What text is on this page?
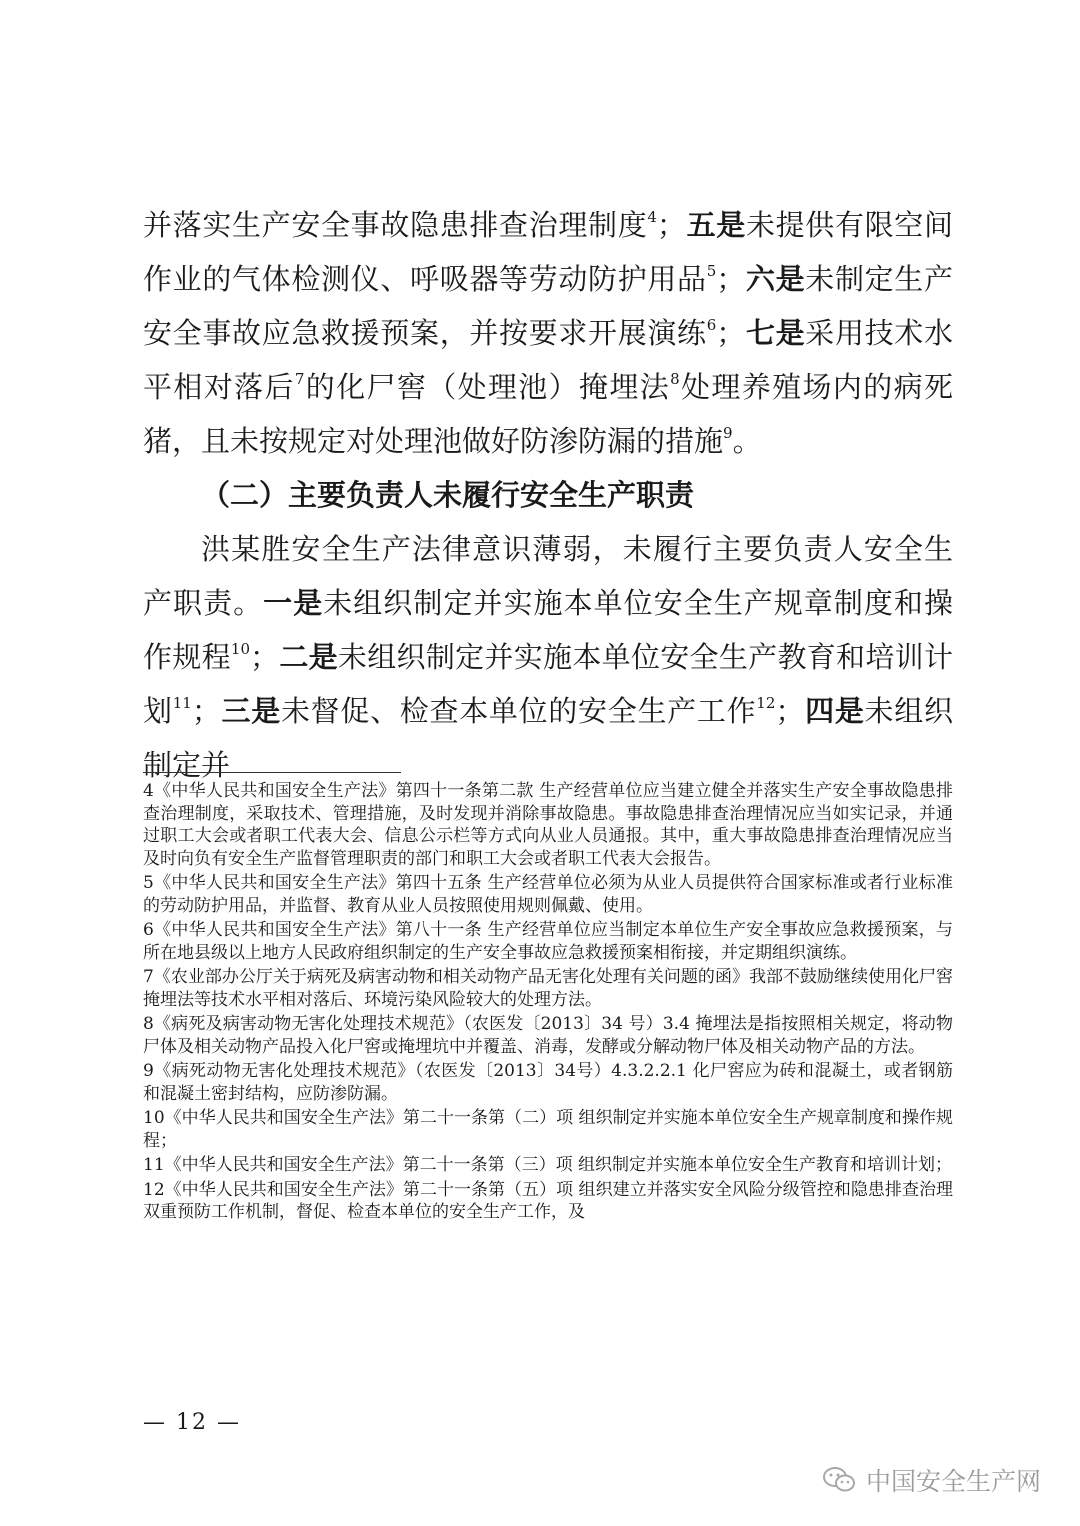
并落实生产安全事故隐患排查治理制度$^4$；五是未提供有限空间作业的气体检测仪、呼吸器等劳动防护用品$^5$；六是未制定生产安全事故应急救援预案，并按要求开展演练$^6$；七是采用技术水平相对落后$^7$的化尸窖（处理池）掩埋法$^8$处理养殖场内的病死猪，且未按规定对处理池做好防渗防漏的措施$^9$。

（二）主要负责人未履行安全生产职责

洪某胜安全生产法律意识薄弱，未履行主要负责人安全生产职责。一是未组织制定并实施本单位安全生产规章制度和操作规程$^{10}$；二是未组织制定并实施本单位安全生产教育和培训计划$^{11}$；三是未督促、检查本单位的安全生产工作$^{12}$；四是未组织制定并

4《中华人民共和国安全生产法》第四十一条第二款 生产经营单位应当建立健全并落实生产安全事故隐患排查治理制度，采取技术、管理措施，及时发现并消除事故隐患。事故隐患排查治理情况应当如实记录，并通过职工大会或者职工代表大会、信息公示栏等方式向从业人员通报。其中，重大事故隐患排查治理情况应当及时向负有安全生产监督管理职责的部门和职工大会或者职工代表大会报告。

5《中华人民共和国安全生产法》第四十五条 生产经营单位必须为从业人员提供符合国家标准或者行业标准的劳动防护用品，并监督、教育从业人员按照使用规则佩戴、使用。

6《中华人民共和国安全生产法》第八十一条 生产经营单位应当制定本单位生产安全事故应急救援预案，与所在地县级以上地方人民政府组织制定的生产安全事故应急救援预案相衔接，并定期组织演练。

7《农业部办公厅关于病死及病害动物和相关动物产品无害化处理有关问题的函》我部不鼓励继续使用化尸窖掩埋法等技术水平相对落后、环境污染风险较大的处理方法。

8《病死及病害动物无害化处理技术规范》（农医发〔2013〕34 号）3.4 掩埋法是指按照相关规定，将动物尸体及相关动物产品投入化尸窖或掩埋坑中并覆盖、消毒，发酵或分解动物尸体及相关动物产品的方法。

9《病死动物无害化处理技术规范》（农医发〔2013〕34号）4.3.2.2.1 化尸窖应为砖和混凝土，或者钢筋和混凝土密封结构，应防渗防漏。

10《中华人民共和国安全生产法》第二十一条第（二）项 组织制定并实施本单位安全生产规章制度和操作规程；

11《中华人民共和国安全生产法》第二十一条第（三）项 组织制定并实施本单位安全生产教育和培训计划；

12《中华人民共和国安全生产法》第二十一条第（五）项 组织建立并落实安全风险分级管控和隐患排查治理双重预防工作机制，督促、检查本单位的安全生产工作，及

— 12 —
中国安全生产网
